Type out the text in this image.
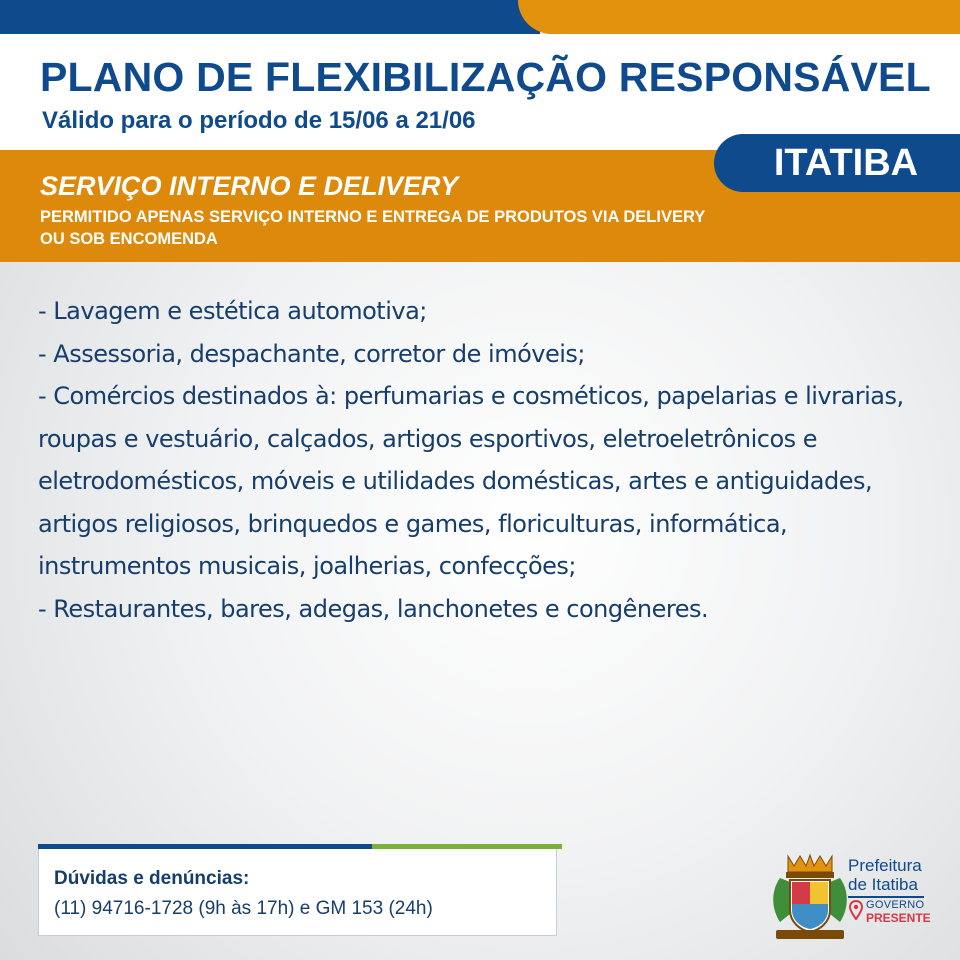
PLANO DE FLEXIBILIZAÇÃO RESPONSÁVEL
Válido para o período de 15/06 a 21/06
ITATIBA
SERVIÇO INTERNO E DELIVERY
PERMITIDO APENAS SERVIÇO INTERNO E ENTREGA DE PRODUTOS VIA DELIVERY
OU SOB ENCOMENDA

- Lavagem e estética automotiva;

- Assessoria, despachante, corretor de imóveis;

- Comércios destinados à: perfumarias e cosméticos, papelarias e livrarias, roupas e vestuário, calçados, artigos esportivos, eletroeletrônicos e eletrodomésticos, móveis e utilidades domésticas, artes e antiguidades, artigos religiosos, brinquedos e games, floriculturas, informática, instrumentos musicais, joalherias, confecções;

- Restaurantes, bares, adegas, lanchonetes e congêneres.

Dúvidas e denúncias:
(11) 94716-1728 (9h às 17h) e GM 153 (24h)
Prefeitura
de Itatiba
GOVERNO
PRESENTE
